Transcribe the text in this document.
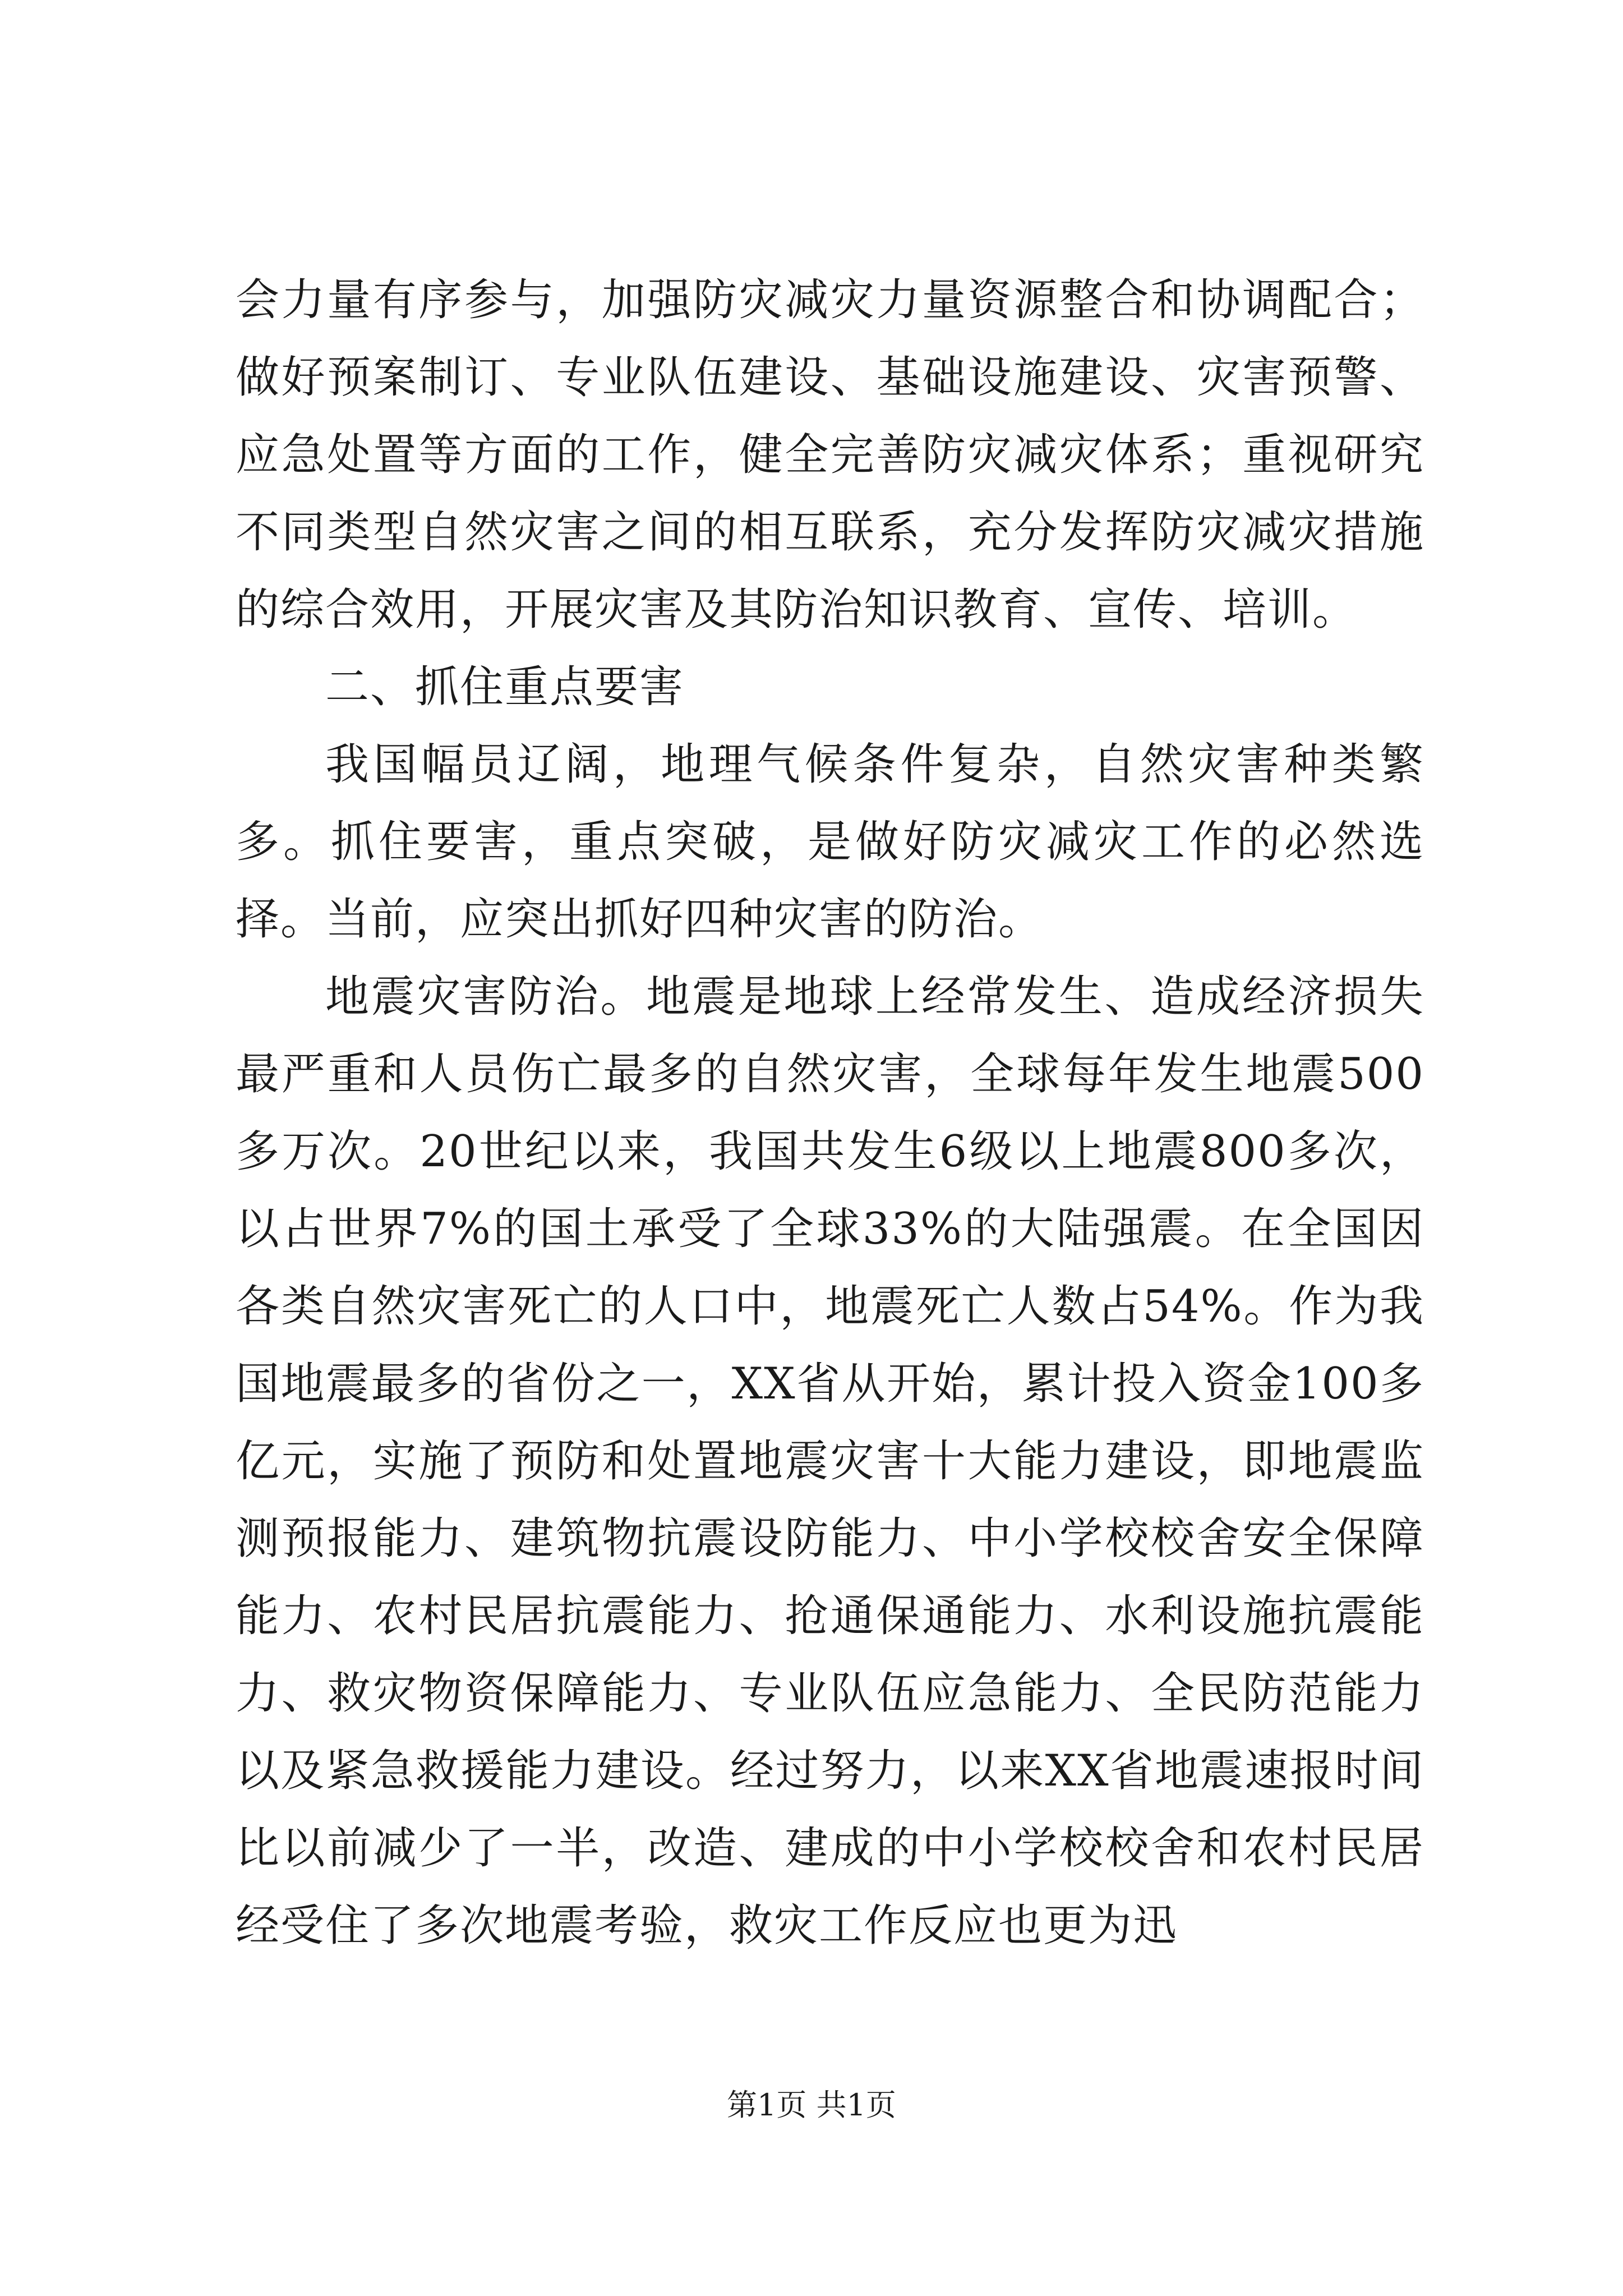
会力量有序参与，加强防灾减灾力量资源整合和协调配合；做好预案制订、专业队伍建设、基础设施建设、灾害预警、应急处置等方面的工作，健全完善防灾减灾体系；重视研究不同类型自然灾害之间的相互联系，充分发挥防灾减灾措施的综合效用，开展灾害及其防治知识教育、宣传、培训。

二、抓住重点要害

我国幅员辽阔，地理气候条件复杂，自然灾害种类繁多。抓住要害，重点突破，是做好防灾减灾工作的必然选择。当前，应突出抓好四种灾害的防治。

地震灾害防治。地震是地球上经常发生、造成经济损失最严重和人员伤亡最多的自然灾害，全球每年发生地震500多万次。20世纪以来，我国共发生6级以上地震800多次，以占世界7%的国土承受了全球33%的大陆强震。在全国因各类自然灾害死亡的人口中，地震死亡人数占54%。作为我国地震最多的省份之一，XX省从开始，累计投入资金100多亿元，实施了预防和处置地震灾害十大能力建设，即地震监测预报能力、建筑物抗震设防能力、中小学校校舍安全保障能力、农村民居抗震能力、抢通保通能力、水利设施抗震能力、救灾物资保障能力、专业队伍应急能力、全民防范能力以及紧急救援能力建设。经过努力，以来XX省地震速报时间比以前减少了一半，改造、建成的中小学校校舍和农村民居经受住了多次地震考验，救灾工作反应也更为迅

第1页 共1页
